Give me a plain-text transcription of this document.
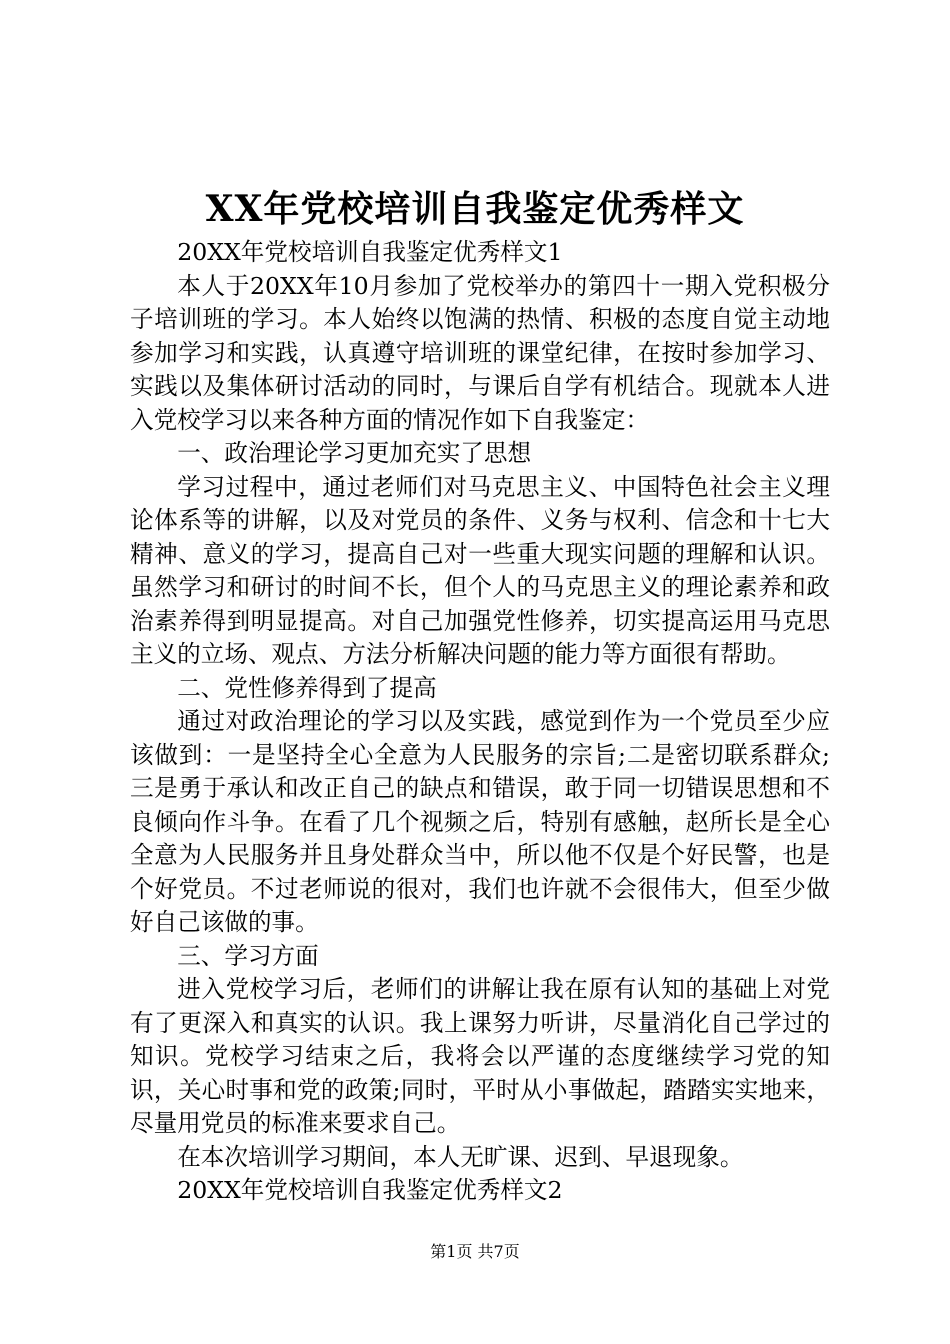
XX年党校培训自我鉴定优秀样文

20XX年党校培训自我鉴定优秀样文1

本人于20XX年10月参加了党校举办的第四十一期入党积极分子培训班的学习。本人始终以饱满的热情、积极的态度自觉主动地参加学习和实践，认真遵守培训班的课堂纪律，在按时参加学习、实践以及集体研讨活动的同时，与课后自学有机结合。现就本人进入党校学习以来各种方面的情况作如下自我鉴定：

一、政治理论学习更加充实了思想

学习过程中，通过老师们对马克思主义、中国特色社会主义理论体系等的讲解，以及对党员的条件、义务与权利、信念和十七大精神、意义的学习，提高自己对一些重大现实问题的理解和认识。虽然学习和研讨的时间不长，但个人的马克思主义的理论素养和政治素养得到明显提高。对自己加强党性修养，切实提高运用马克思主义的立场、观点、方法分析解决问题的能力等方面很有帮助。

二、党性修养得到了提高

通过对政治理论的学习以及实践，感觉到作为一个党员至少应该做到：一是坚持全心全意为人民服务的宗旨;二是密切联系群众;三是勇于承认和改正自己的缺点和错误，敢于同一切错误思想和不良倾向作斗争。在看了几个视频之后，特别有感触，赵所长是全心全意为人民服务并且身处群众当中，所以他不仅是个好民警，也是个好党员。不过老师说的很对，我们也许就不会很伟大，但至少做好自己该做的事。

三、学习方面

进入党校学习后，老师们的讲解让我在原有认知的基础上对党有了更深入和真实的认识。我上课努力听讲，尽量消化自己学过的知识。党校学习结束之后，我将会以严谨的态度继续学习党的知识，关心时事和党的政策;同时，平时从小事做起，踏踏实实地来，尽量用党员的标准来要求自己。

在本次培训学习期间，本人无旷课、迟到、早退现象。

20XX年党校培训自我鉴定优秀样文2

第1页 共7页
